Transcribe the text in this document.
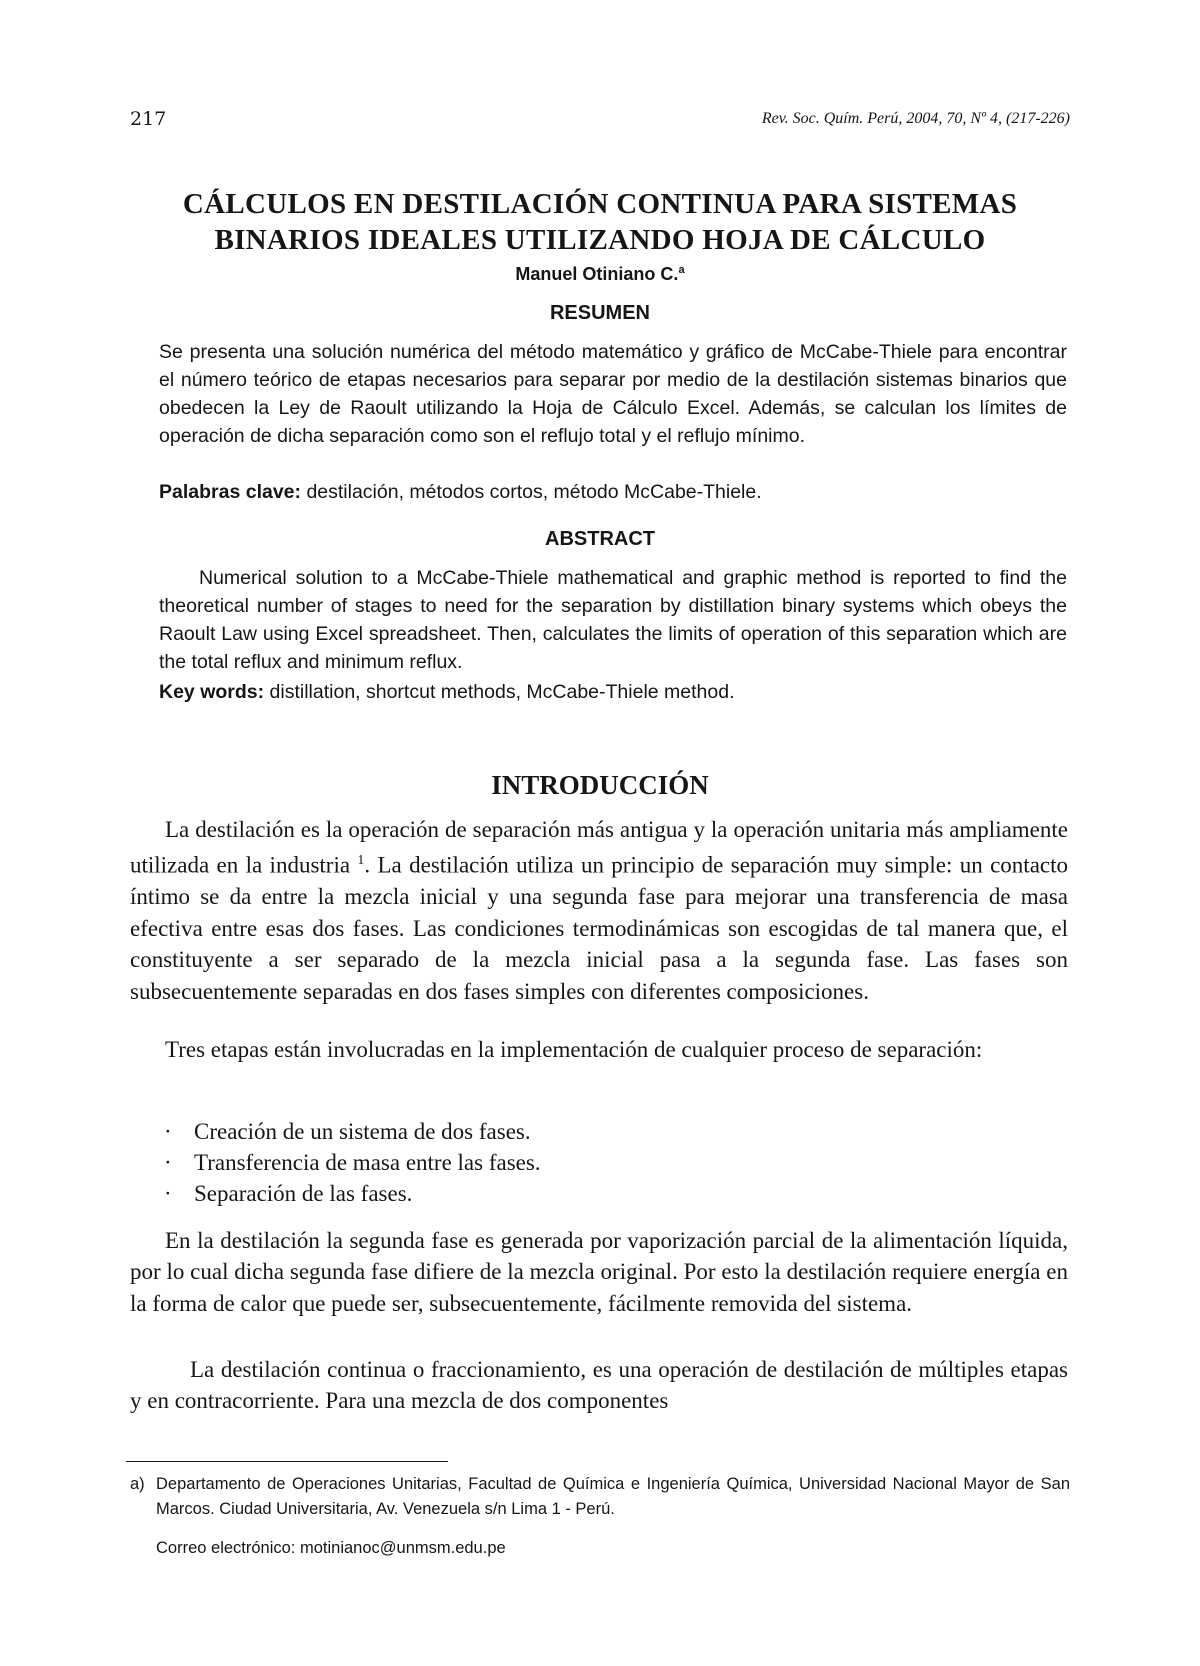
217	Rev. Soc. Quím. Perú, 2004, 70, Nº 4, (217-226)
CÁLCULOS EN DESTILACIÓN CONTINUA PARA SISTEMAS
BINARIOS IDEALES UTILIZANDO HOJA DE CÁLCULO
Manuel Otiniano C.$^a$
RESUMEN

Se presenta una solución numérica del método matemático y gráfico de McCabe-Thiele para encontrar el número teórico de etapas necesarios para separar por medio de la destilación sistemas binarios que obedecen la Ley de Raoult utilizando la Hoja de Cálculo Excel. Además, se calculan los límites de operación de dicha separación como son el reflujo total y el reflujo mínimo.

Palabras clave: destilación, métodos cortos, método McCabe-Thiele.

ABSTRACT

Numerical solution to a McCabe-Thiele mathematical and graphic method is reported to find the theoretical number of stages to need for the separation by distillation binary systems which obeys the Raoult Law using Excel spreadsheet. Then, calculates the limits of operation of this separation which are the total reflux and minimum reflux.

Key words: distillation, shortcut methods, McCabe-Thiele method.

INTRODUCCIÓN

La destilación es la operación de separación más antigua y la operación unitaria más ampliamente utilizada en la industria $^1$. La destilación utiliza un principio de separación muy simple: un contacto íntimo se da entre la mezcla inicial y una segunda fase para mejorar una transferencia de masa efectiva entre esas dos fases. Las condiciones termodinámicas son escogidas de tal manera que, el constituyente a ser separado de la mezcla inicial pasa a la segunda fase. Las fases son subsecuentemente separadas en dos fases simples con diferentes composiciones.

Tres etapas están involucradas en la implementación de cualquier proceso de separación:

· Creación de un sistema de dos fases.
· Transferencia de masa entre las fases.
· Separación de las fases.

En la destilación la segunda fase es generada por vaporización parcial de la alimentación líquida, por lo cual dicha segunda fase difiere de la mezcla original. Por esto la destilación requiere energía en la forma de calor que puede ser, subsecuentemente, fácilmente removida del sistema.

La destilación continua o fraccionamiento, es una operación de destilación de múltiples etapas y en contracorriente. Para una mezcla de dos componentes

a) Departamento de Operaciones Unitarias, Facultad de Química e Ingeniería Química, Universidad Nacional Mayor de San Marcos. Ciudad Universitaria, Av. Venezuela s/n Lima 1 - Perú.
Correo electrónico: motinianoc@unmsm.edu.pe
